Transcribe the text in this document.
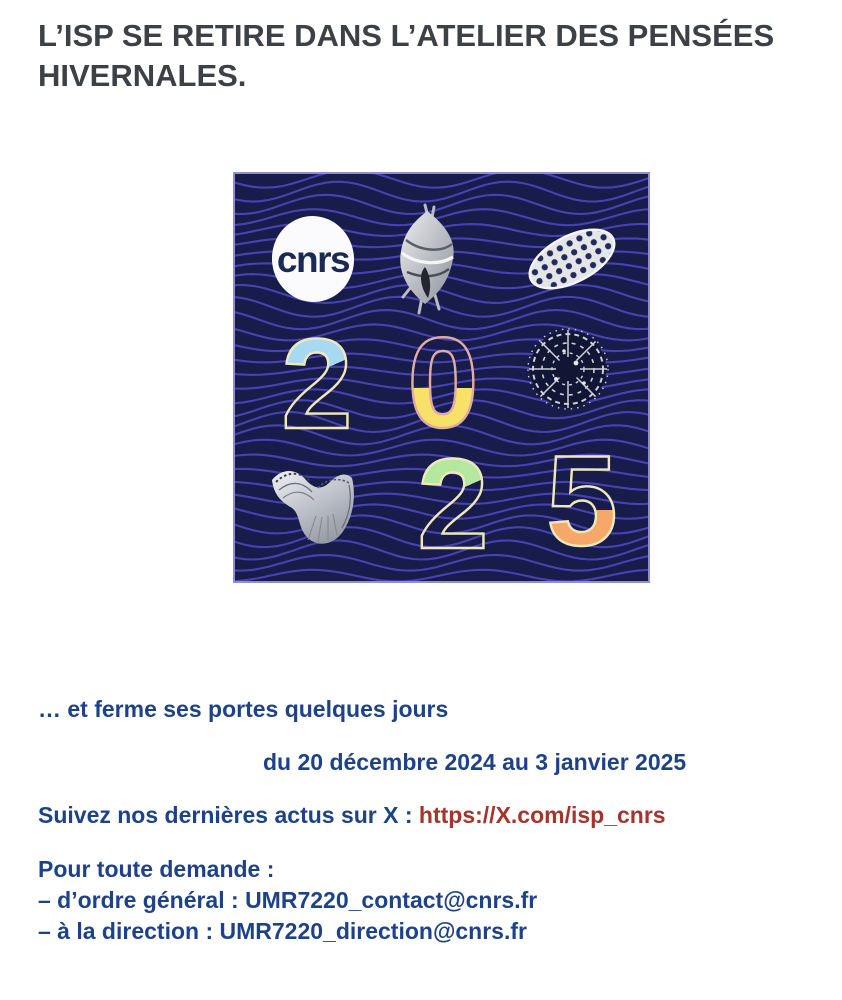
L’ISP SE RETIRE DANS L’ATELIER DES PENSÉES
HIVERNALES.
cnrs
2 0
2 5

… et ferme ses portes quelques jours

du 20 décembre 2024 au 3 janvier 2025

Suivez nos dernières actus sur X : https://X.com/isp_cnrs

Pour toute demande :
– d’ordre général : UMR7220_contact@cnrs.fr
– à la direction : UMR7220_direction@cnrs.fr
